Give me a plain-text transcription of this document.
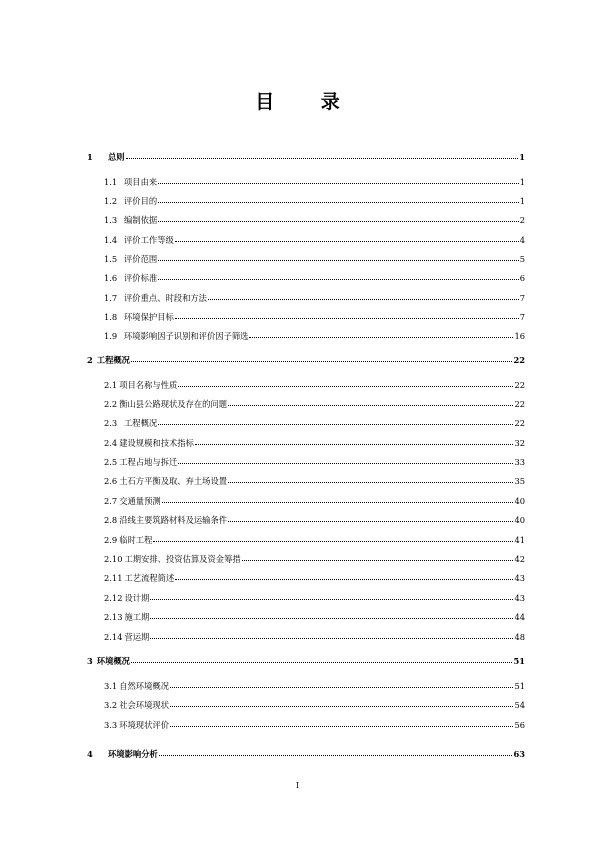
目 录
1	总则	1
1.1 项目由来	1
1.2 评价目的	1
1.3 编制依据	2
1.4 评价工作等级	4
1.5 评价范围	5
1.6 评价标准	6
1.7 评价重点、时段和方法	7
1.8 环境保护目标	7
1.9 环境影响因子识别和评价因子筛选	16
2 工程概况	22
2.1 项目名称与性质	22
2.2 衡山县公路现状及存在的问题	22
2.3 工程概况	22
2.4 建设规模和技术指标	32
2.5 工程占地与拆迁	33
2.6 土石方平衡及取、弃土场设置	35
2.7 交通量预测	40
2.8 沿线主要筑路材料及运输条件	40
2.9 临时工程	41
2.10 工期安排、投资估算及资金筹措	42
2.11 工艺流程简述	43
2.12 设计期	43
2.13 施工期	44
2.14 营运期	48
3 环境概况	51
3.1 自然环境概况	51
3.2 社会环境现状	54
3.3 环境现状评价	56
4	环境影响分析	63
I
